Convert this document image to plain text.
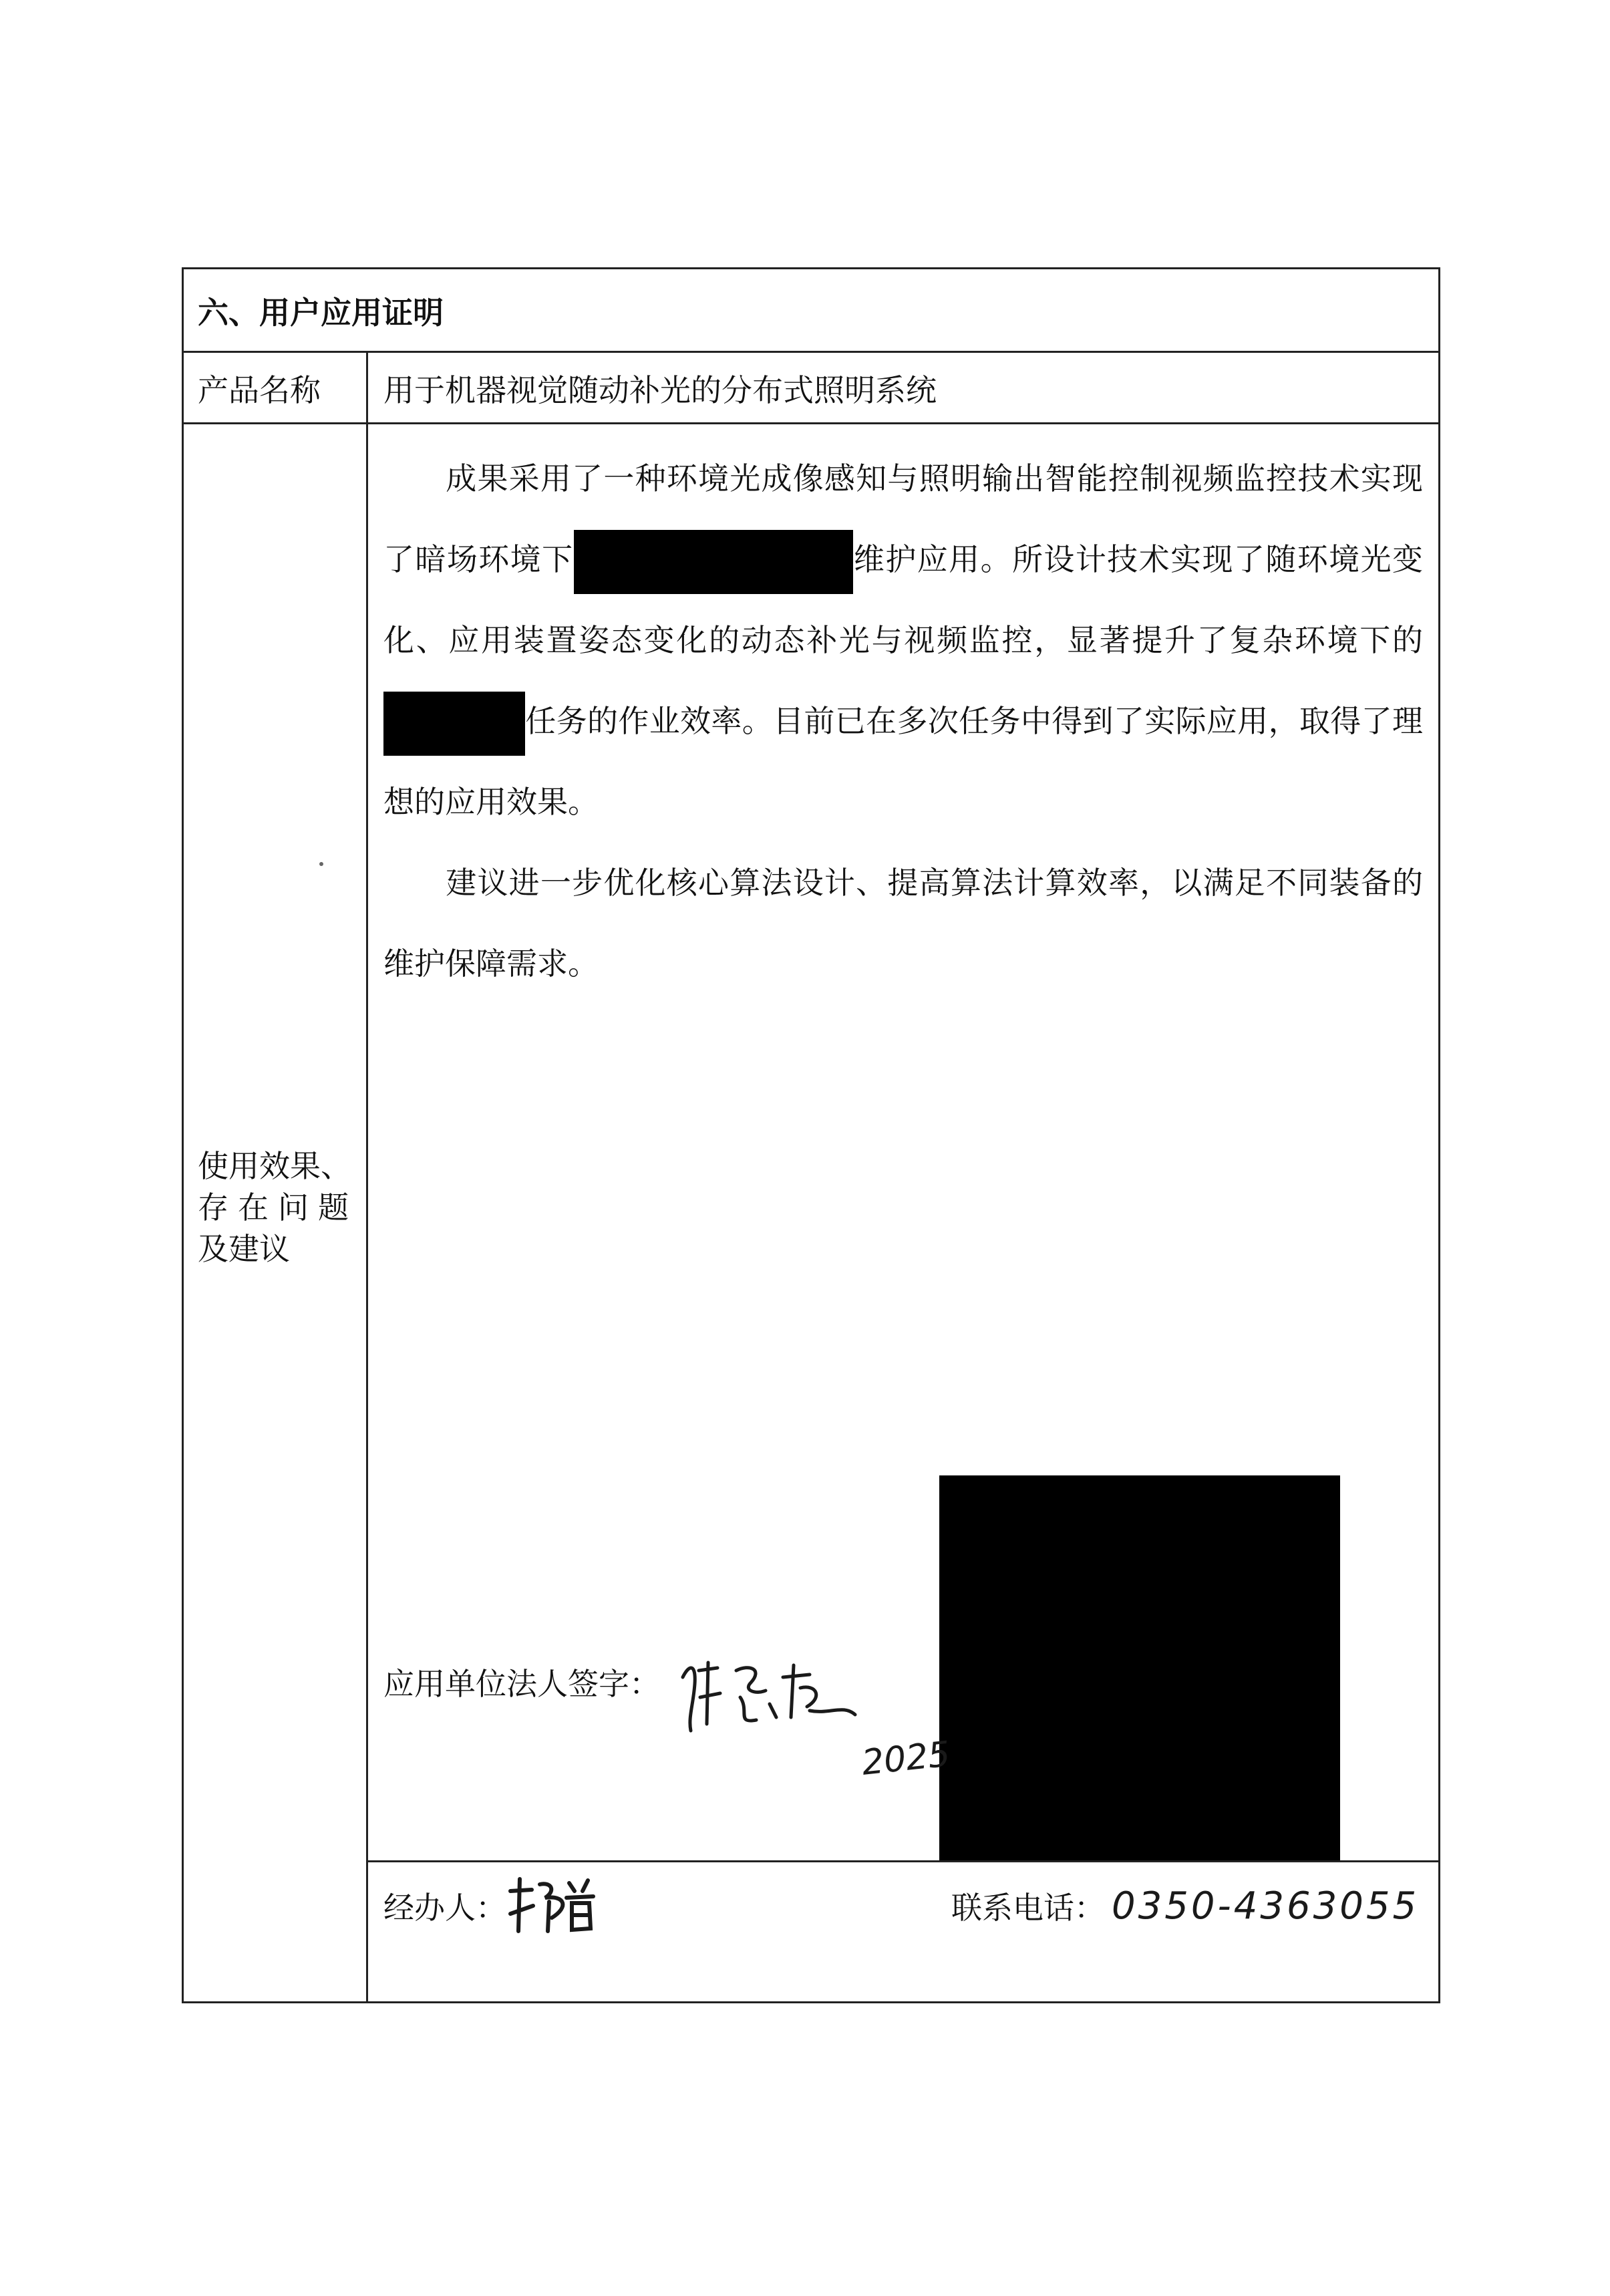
六、用户应用证明
产品名称 用于机器视觉随动补光的分布式照明系统
使用效果、
存在问题
及建议
成果采用了一种环境光成像感知与照明输出智能控制视频监控技术实现了暗场环境下	维护应用。所设计技术实现了随环境光变化、应用装置姿态变化的动态补光与视频监控，显著提升了复杂环境下的任务的作业效率。目前已在多次任务中得到了实际应用，取得了理想的应用效果。
建议进一步优化核心算法设计、提高算法计算效率，以满足不同装备的维护保障需求。
应用单位法人签字：
2025
经办人：	联系电话： 0350-4363055
